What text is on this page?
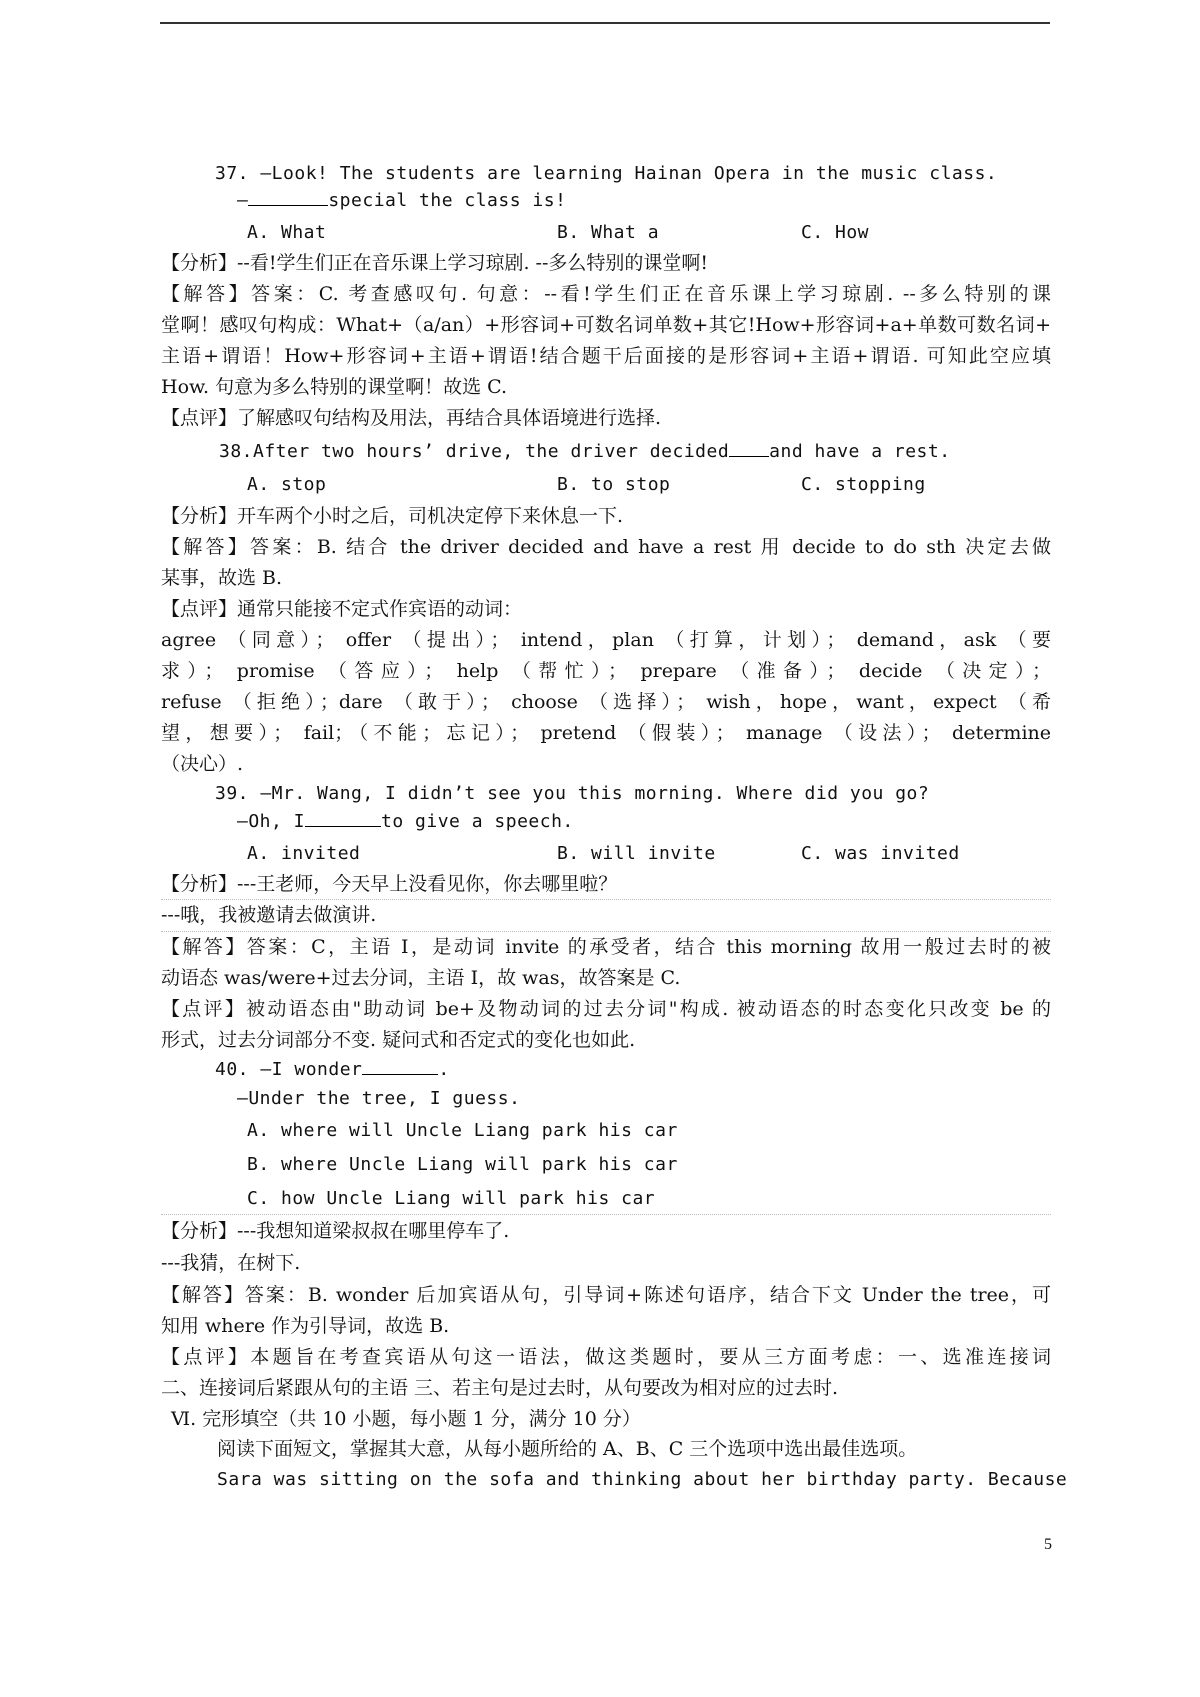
37. —Look! The students are learning Hainan Opera in the music class.
—	special the class is!
A. What	B. What a	C. How
【分析】--看!学生们正在音乐课上学习琼剧. --多么特别的课堂啊!
【解答】答案：C. 考查感叹句. 句意：--看!学生们正在音乐课上学习琼剧. --多么特别的课
堂啊！感叹句构成：What+（a/an）+形容词+可数名词单数+其它!How+形容词+a+单数可数名词+
主语+谓语！How+形容词+主语+谓语!结合题干后面接的是形容词+主语+谓语. 可知此空应填
How. 句意为多么特别的课堂啊！故选 C.
【点评】了解感叹句结构及用法，再结合具体语境进行选择.
38.After two hours’ drive, the driver decided and have a rest.
A. stop	B. to stop	C. stopping
【分析】开车两个小时之后，司机决定停下来休息一下.
【解答】答案：B. 结合 the driver decided and have a rest 用 decide to do sth 决定去做
某事，故选 B.
【点评】通常只能接不定式作宾语的动词：
agree （同意）； offer （提出）； intend，plan （打算，计划）； demand，ask （要
求）； promise （答应）； help （帮忙）； prepare （准备）； decide （决定）；
refuse （拒绝）；dare （敢于）； choose （选择）； wish，hope，want，expect （希
望，想要）； fail；（不能；忘记）； pretend （假装）； manage （设法）； determine
（决心）.
39. —Mr. Wang, I didn’t see you this morning. Where did you go?
—Oh, I	to give a speech.
A. invited	B. will invite	C. was invited
【分析】---王老师，今天早上没看见你，你去哪里啦？
---哦，我被邀请去做演讲.
【解答】答案：C，主语 I，是动词 invite 的承受者，结合 this morning 故用一般过去时的被
动语态 was/were+过去分词，主语 I，故 was，故答案是 C.
【点评】被动语态由"助动词 be+及物动词的过去分词"构成. 被动语态的时态变化只改变 be 的
形式，过去分词部分不变. 疑问式和否定式的变化也如此.
40. —I wonder	.
—Under the tree, I guess.
A. where will Uncle Liang park his car
B. where Uncle Liang will park his car
C. how Uncle Liang will park his car
【分析】---我想知道梁叔叔在哪里停车了.
---我猜，在树下.
【解答】答案：B. wonder 后加宾语从句，引导词+陈述句语序，结合下文 Under the tree，可
知用 where 作为引导词，故选 B.
【点评】本题旨在考查宾语从句这一语法，做这类题时，要从三方面考虑：一、选准连接词
二、连接词后紧跟从句的主语 三、若主句是过去时，从句要改为相对应的过去时.
Ⅵ. 完形填空（共 10 小题，每小题 1 分，满分 10 分）
阅读下面短文，掌握其大意，从每小题所给的 A、B、C 三个选项中选出最佳选项。
Sara was sitting on the sofa and thinking about her birthday party. Because
5
